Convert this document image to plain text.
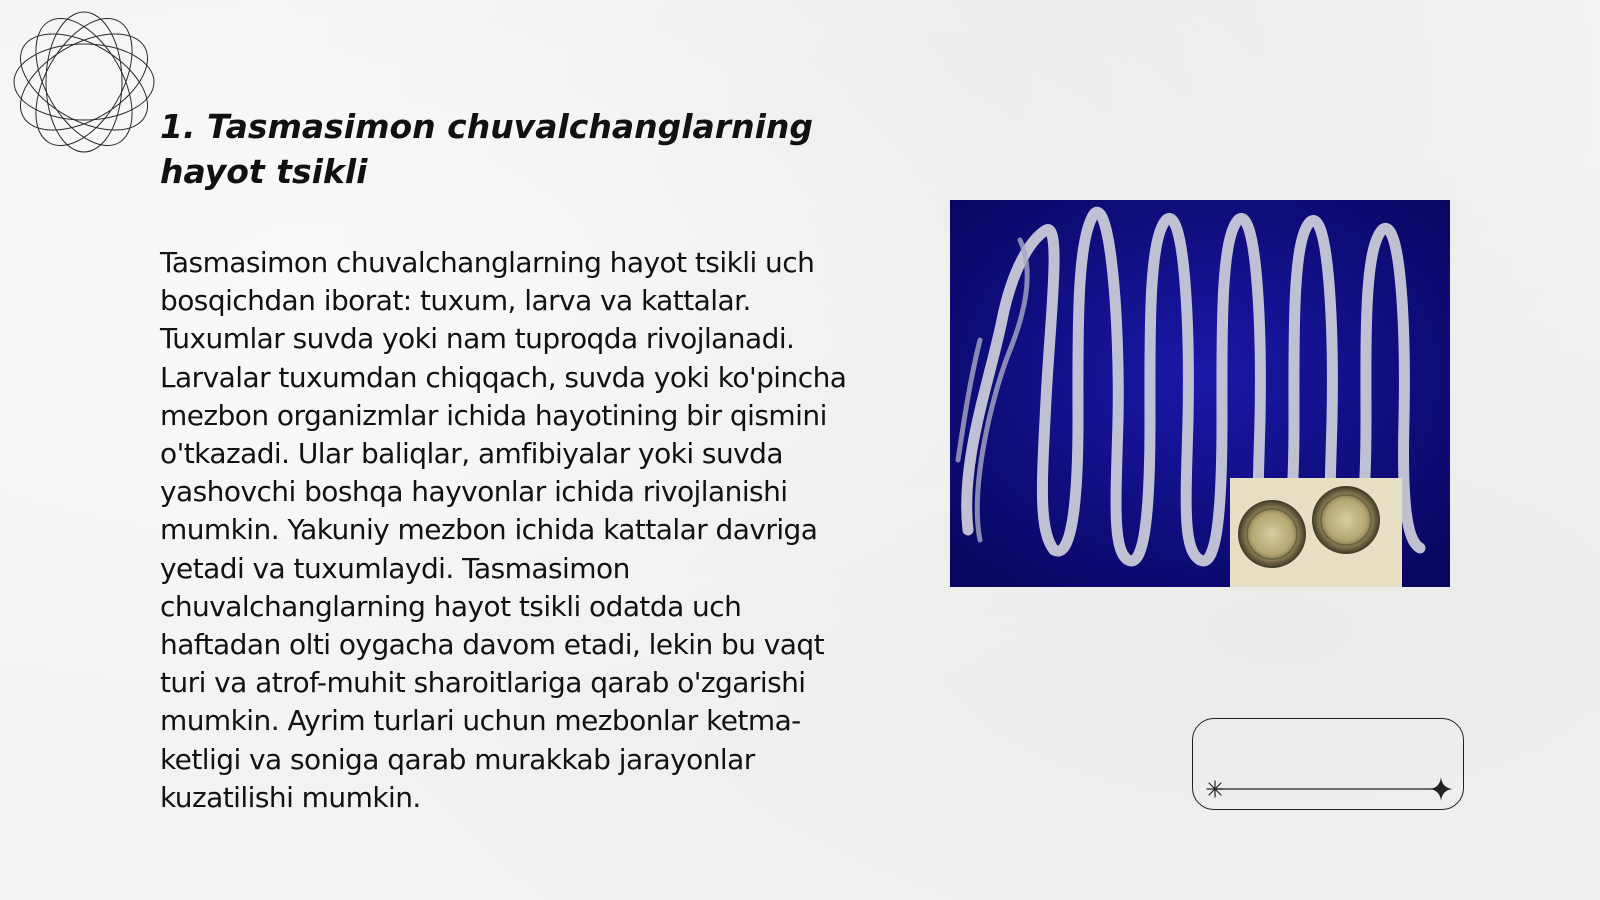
1. Tasmasimon chuvalchanglarning hayot tsikli

Tasmasimon chuvalchanglarning hayot tsikli uch bosqichdan iborat: tuxum, larva va kattalar. Tuxumlar suvda yoki nam tuproqda rivojlanadi. Larvalar tuxumdan chiqqach, suvda yoki ko'pincha mezbon organizmlar ichida hayotining bir qismini o'tkazadi. Ular baliqlar, amfibiyalar yoki suvda yashovchi boshqa hayvonlar ichida rivojlanishi mumkin. Yakuniy mezbon ichida kattalar davriga yetadi va tuxumlaydi. Tasmasimon chuvalchanglarning hayot tsikli odatda uch haftadan olti oygacha davom etadi, lekin bu vaqt turi va atrof-muhit sharoitlariga qarab o'zgarishi mumkin. Ayrim turlari uchun mezbonlar ketma-ketligi va soniga qarab murakkab jarayonlar kuzatilishi mumkin.
